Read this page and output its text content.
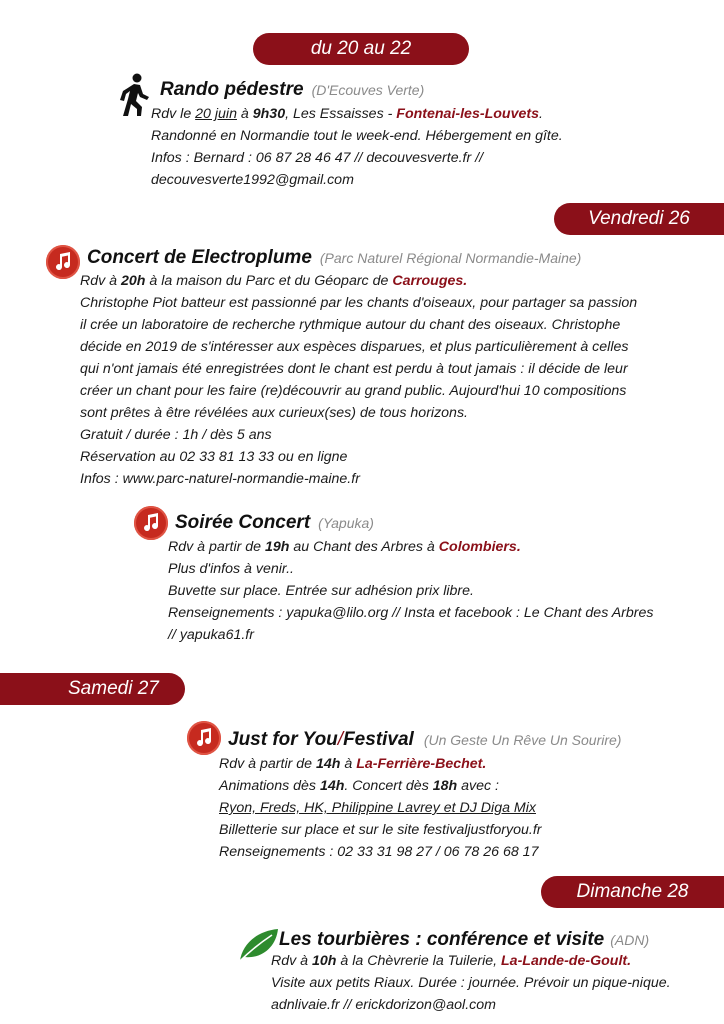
du 20 au 22
Vendredi 26
Samedi 27
Dimanche 28
Rando pédestre (D'Ecouves Verte)
Rdv le 20 juin à 9h30, Les Essaisses - Fontenai-les-Louvets.
Randonné en Normandie tout le week-end. Hébergement en gîte.
Infos : Bernard : 06 87 28 46 47 // decouvesverte.fr //
decouvesverte1992@gmail.com
Concert de Electroplume (Parc Naturel Régional Normandie-Maine)
Rdv à 20h à la maison du Parc et du Géoparc de Carrouges.
Christophe Piot batteur est passionné par les chants d'oiseaux, pour partager sa passion
il crée un laboratoire de recherche rythmique autour du chant des oiseaux. Christophe
décide en 2019 de s'intéresser aux espèces disparues, et plus particulièrement à celles
qui n'ont jamais été enregistrées dont le chant est perdu à tout jamais : il décide de leur
créer un chant pour les faire (re)découvrir au grand public. Aujourd'hui 10 compositions
sont prêtes à être révélées aux curieux(ses) de tous horizons.
Gratuit / durée : 1h / dès 5 ans
Réservation au 02 33 81 13 33 ou en ligne
Infos : www.parc-naturel-normandie-maine.fr
Soirée Concert (Yapuka)
Rdv à partir de 19h au Chant des Arbres à Colombiers.
Plus d'infos à venir..
Buvette sur place. Entrée sur adhésion prix libre.
Renseignements : yapuka@lilo.org // Insta et facebook : Le Chant des Arbres
// yapuka61.fr
Just for You / Festival (Un Geste Un Rêve Un Sourire)
Rdv à partir de 14h à La-Ferrière-Bechet.
Animations dès 14h. Concert dès 18h avec :
Ryon, Freds, HK, Philippine Lavrey et DJ Diga Mix
Billetterie sur place et sur le site festivaljustforyou.fr
Renseignements : 02 33 31 98 27 / 06 78 26 68 17
Les tourbières : conférence et visite (ADN)
Rdv à 10h à la Chèvrerie la Tuilerie, La-Lande-de-Goult.
Visite aux petits Riaux. Durée : journée. Prévoir un pique-nique.
adnlivaie.fr // erickdorizon@aol.com
